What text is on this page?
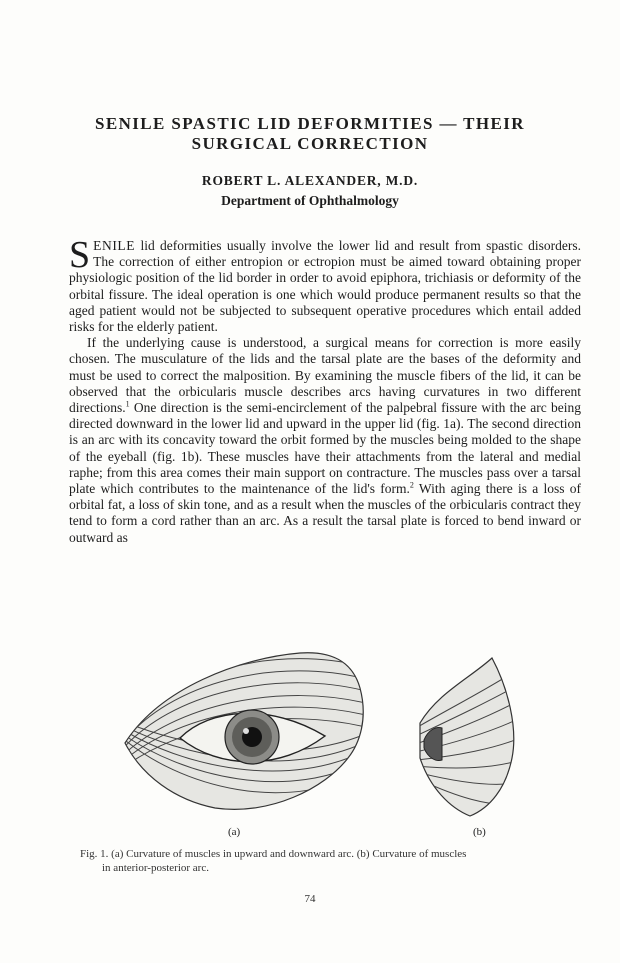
SENILE SPASTIC LID DEFORMITIES — THEIR
SURGICAL CORRECTION
ROBERT L. ALEXANDER, M.D.
Department of Ophthalmology

SENILE lid deformities usually involve the lower lid and result from spastic disorders. The correction of either entropion or ectropion must be aimed toward obtaining proper physiologic position of the lid border in order to avoid epiphora, trichiasis or deformity of the orbital fissure. The ideal operation is one which would produce permanent results so that the aged patient would not be subjected to subsequent operative procedures which entail added risks for the elderly patient.

If the underlying cause is understood, a surgical means for correction is more easily chosen. The musculature of the lids and the tarsal plate are the bases of the deformity and must be used to correct the malposition. By examining the muscle fibers of the lid, it can be observed that the orbicularis muscle describes arcs having curvatures in two different directions.$^1$ One direction is the semi-encirclement of the palpebral fissure with the arc being directed downward in the lower lid and upward in the upper lid (fig. 1a). The second direction is an arc with its concavity toward the orbit formed by the muscles being molded to the shape of the eyeball (fig. 1b). These muscles have their attachments from the lateral and medial raphe; from this area comes their main support on contracture. The muscles pass over a tarsal plate which contributes to the maintenance of the lid's form.$^2$ With aging there is a loss of orbital fat, a loss of skin tone, and as a result when the muscles of the orbicularis contract they tend to form a cord rather than an arc. As a result the tarsal plate is forced to bend inward or outward as

(a)	(b)
Fig. 1. (a) Curvature of muscles in upward and downward arc. (b) Curvature of muscles
in anterior-posterior arc.
74
